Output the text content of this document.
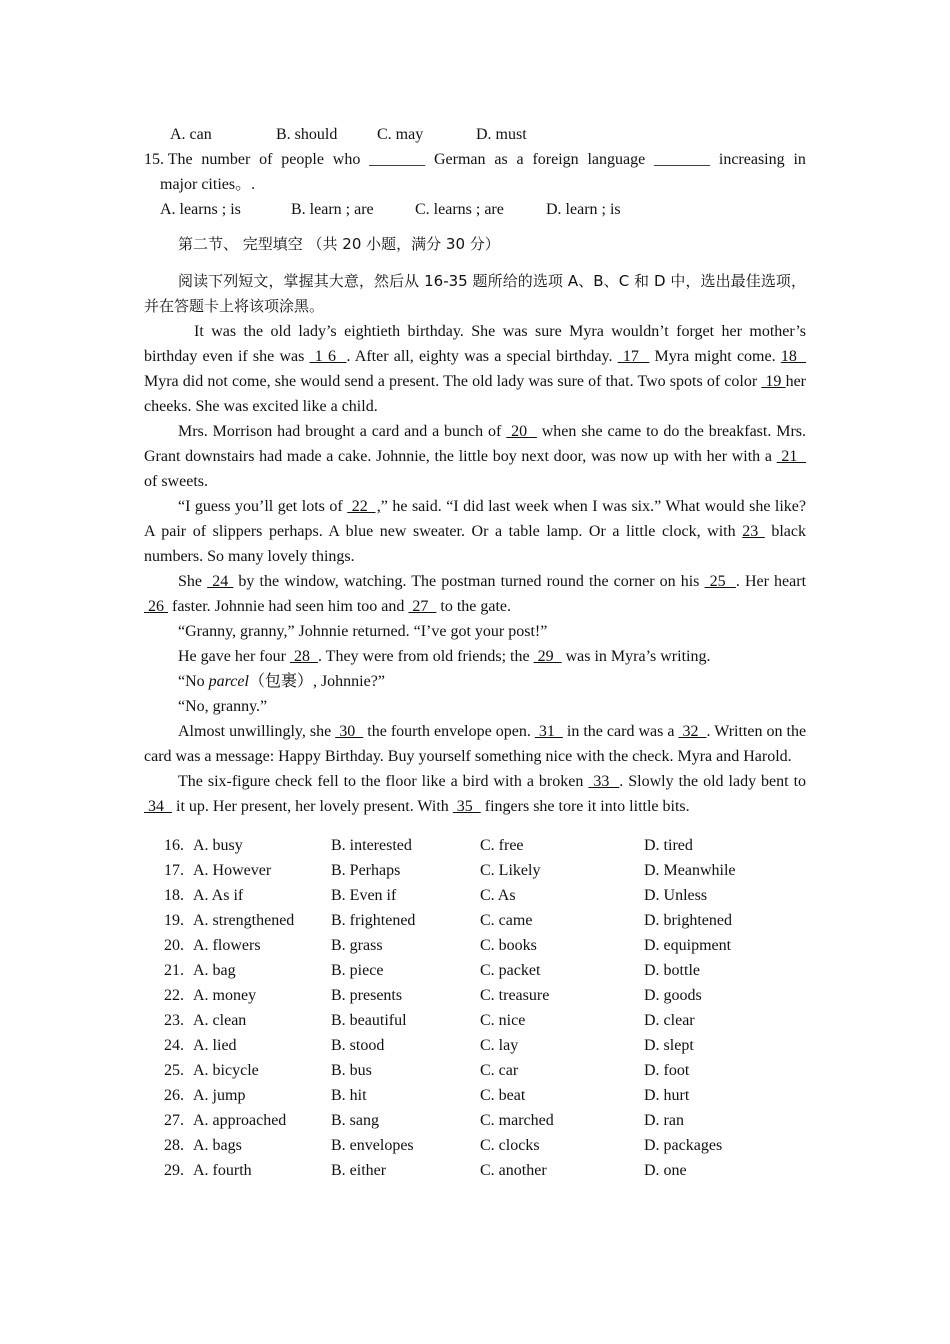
A. can	B. should C. may	D. must
15. The number of people who _______ German as a foreign language _______ increasing in
major cities。.
A. learns ; is	B. learn ; are	C. learns ; are	D. learn ; is
第二节、 完型填空 （共 20 小题，满分 30 分）
阅读下列短文，掌握其大意，然后从 16-35 题所给的选项 A、B、C 和 D 中，选出最佳选项，并在答题卡上将该项涂黑。

It was the old lady’s eightieth birthday. She was sure Myra wouldn’t forget her mother’s birthday even if she was  1 6  . After all, eighty was a special birthday.  17   Myra might come. 18   Myra did not come, she would send a present. The old lady was sure of that. Two spots of color  19 her cheeks. She was excited like a child.

Mrs. Morrison had brought a card and a bunch of  20   when she came to do the breakfast. Mrs. Grant downstairs had made a cake. Johnnie, the little boy next door, was now up with her with a  21   of sweets.

“I guess you’ll get lots of  22  ,” he said. “I did last week when I was six.” What would she like? A pair of slippers perhaps. A blue new sweater. Or a table lamp. Or a little clock, with 23  black numbers. So many lovely things.

She  24  by the window, watching. The postman turned round the corner on his  25  . Her heart  26  faster. Johnnie had seen him too and  27   to the gate.

“Granny, granny,” Johnnie returned. “I’ve got your post!”

He gave her four  28  . They were from old friends; the  29   was in Myra’s writing.

“No parcel（包裹）, Johnnie?”

“No, granny.”

Almost unwillingly, she  30   the fourth envelope open.  31   in the card was a  32  . Written on the card was a message: Happy Birthday. Buy yourself something nice with the check. Myra and Harold.

The six-figure check fell to the floor like a bird with a broken  33  . Slowly the old lady bent to  34   it up. Her present, her lovely present. With  35   fingers she tore it into little bits.

16. A. busy	B. interested	C. free	D. tired
17. A. However	B. Perhaps	C. Likely	D. Meanwhile
18. A. As if	B. Even if	C. As	D. Unless
19. A. strengthened B. frightened	C. came	D. brightened
20. A. flowers	B. grass	C. books	D. equipment
21. A. bag	B. piece	C. packet	D. bottle
22. A. money	B. presents	C. treasure	D. goods
23. A. clean	B. beautiful	C. nice	D. clear
24. A. lied	B. stood	C. lay	D. slept
25. A. bicycle	B. bus	C. car	D. foot
26. A. jump	B. hit	C. beat	D. hurt
27. A. approached	B. sang	C. marched	D. ran
28. A. bags	B. envelopes	C. clocks	D. packages
29. A. fourth	B. either	C. another	D. one
